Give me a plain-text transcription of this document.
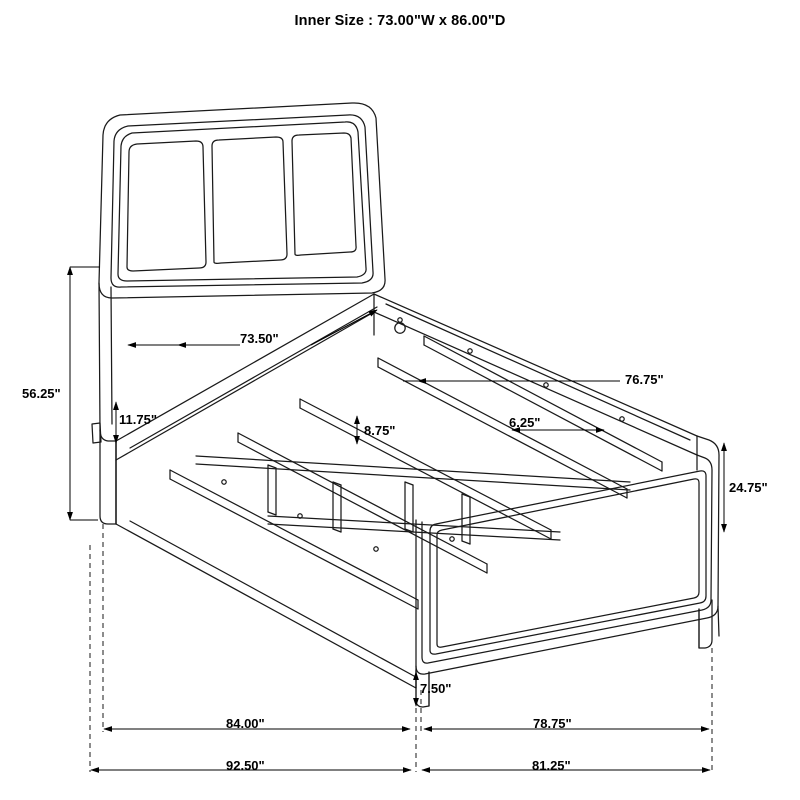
Inner Size : 73.00"W x 86.00"D
56.25"
11.75"
73.50"
8.75"
6.25"
76.75"
24.75"
7.50"
84.00"	78.75"
92.50"	81.25"
